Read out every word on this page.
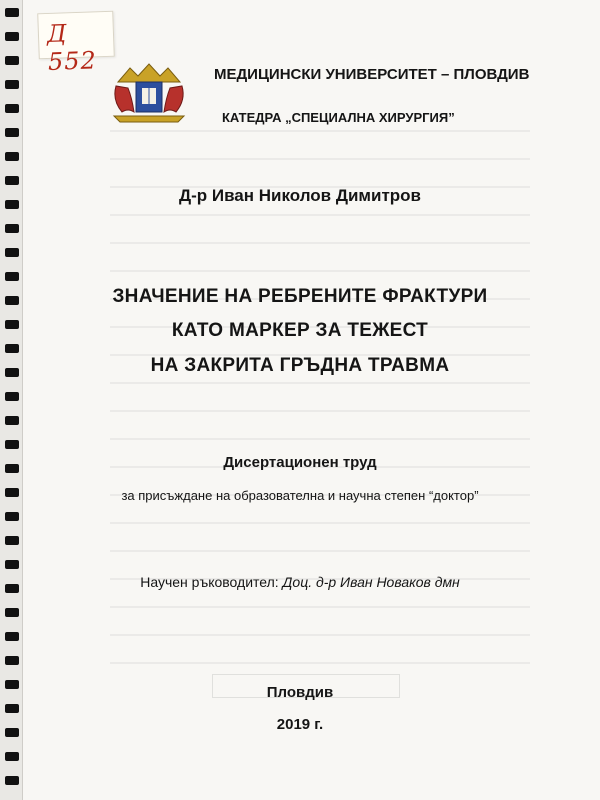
Д 552	МЕДИЦИНСКИ УНИВЕРСИТЕТ – ПЛОВДИВ
КАТЕДРА „СПЕЦИАЛНА ХИРУРГИЯ”
Д-р Иван Николов Димитров
ЗНАЧЕНИЕ НА РЕБРЕНИТЕ ФРАКТУРИ
КАТО МАРКЕР ЗА ТЕЖЕСТ
НА ЗАКРИТА ГРЪДНА ТРАВМА
Дисертационен труд
за присъждане на образователна и научна степен “доктор”
Научен ръководител: Доц. д-р Иван Новаков дмн
Пловдив
2019 г.
